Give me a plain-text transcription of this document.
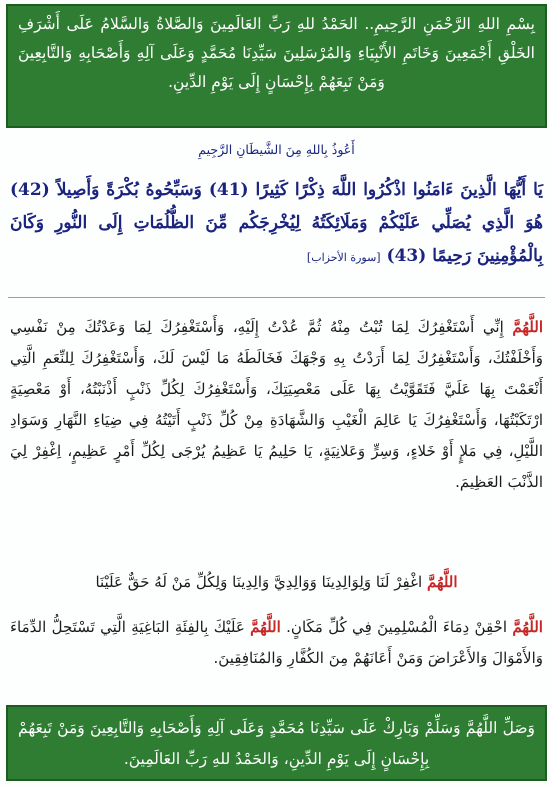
بِسْمِ اللهِ الرَّحْمَنِ الرَّحِيمِ.. الحَمْدُ للهِ رَبِّ العَالَمِينَ وَالصَّلاةُ وَالسَّلامُ عَلَى أَشْرَفِ الخَلْقِ أَجْمَعِينَ وَخَاتَمِ الأَنْبِيَاءِ وَالمُرْسَلِينَ سَيِّدِنَا مُحَمَّدٍ وَعَلَى آلِهِ وَأَصْحَابِهِ وَالتَّابِعِينَ وَمَنْ تَبِعَهُمْ بِإِحْسَانٍ إِلَى يَوْمِ الدِّينِ.

أَعُوذُ بِاللهِ مِنَ الشَّيطَانِ الرَّجِيمِ
يَا أَيُّهَا الَّذِينَ ءَامَنُوا اذْكُرُوا اللَّهَ ذِكْرًا كَثِيرًا (41) وَسَبِّحُوهُ بُكْرَةً وَأَصِيلاً (42) هُوَ الَّذِي يُصَلِّي عَلَيْكُمْ وَمَلَائِكَتُهُ لِيُخْرِجَكُم مِّنَ الظُّلُمَاتِ إِلَى النُّورِ وَكَانَ بِالْمُؤْمِنِينَ رَحِيمًا (43) [سورة الأحزاب]
اللَّهُمَّ إِنِّي أَسْتَغْفِرُكَ لِمَا تُبْتُ مِنْهُ ثُمَّ عُدْتُ إِلَيْهِ، وَأَسْتَغْفِرُكَ لِمَا وَعَدْتُكَ مِنْ نَفْسِي وَأَخْلَفْتُكَ، وَأَسْتَغْفِرُكَ لِمَا أَرَدْتُ بِهِ وَجْهَكَ فَخَالَطَهُ مَا لَيْسَ لَكَ، وَأَسْتَغْفِرُكَ لِلنِّعَمِ الَّتِي أَنْعَمْتَ بِهَا عَلَيَّ فَتَقَوَّيْتُ بِهَا عَلَى مَعْصِيَتِكَ، وَأَسْتَغْفِرُكَ لِكُلِّ ذَنْبٍ أَذْنَبْتُهُ، أَوْ مَعْصِيَةٍ ارْتَكَبْتُهَا، وَأَسْتَغْفِرُكَ يَا عَالِمَ الْغَيْبِ وَالشَّهَادَةِ مِنْ كُلِّ ذَنْبٍ أَتَيْتُهُ فِي ضِيَاءِ النَّهَارِ وَسَوَادِ اللَّيْلِ، فِي مَلإٍ أَوْ خَلاءٍ، وَسِرٍّ وَعَلانِيَةٍ، يَا حَلِيمُ يَا عَظِيمُ يُرْجَى لِكُلِّ أَمْرٍ عَظِيمٍ، اِغْفِرْ لِيَ الذَّنْبَ العَظِيمَ.
اللَّهُمَّ اغْفِرْ لَنَا وَلِوَالِدِينَا وَوَالِدِيَّ وَالِدِينَا وَلِكُلِّ مَنْ لَهُ حَقٌّ عَلَيْنَا
اللَّهُمَّ احْقِنْ دِمَاءَ الْمُسْلِمِينَ فِي كُلِّ مَكَانٍ. اللَّهُمَّ عَلَيْكَ بِالفِئَةِ البَاغِيَةِ الَّتِي تَسْتَحِلُّ الدِّمَاءَ وَالأَمْوَالَ وَالأَعْرَاضَ وَمَنْ أَعَانَهُمْ مِنَ الكُفَّارِ وَالمُنَافِقِينَ.

وَصَلِّ اللَّهُمَّ وَسَلِّمْ وَبَارِكْ عَلَى سَيِّدِنَا مُحَمَّدٍ وَعَلَى آلِهِ وَأَصْحَابِهِ وَالتَّابِعِينَ وَمَنْ تَبِعَهُمْ بِإِحْسَانٍ إِلَى يَوْمِ الدِّينِ، وَالحَمْدُ للهِ رَبِّ العَالَمِينَ.
